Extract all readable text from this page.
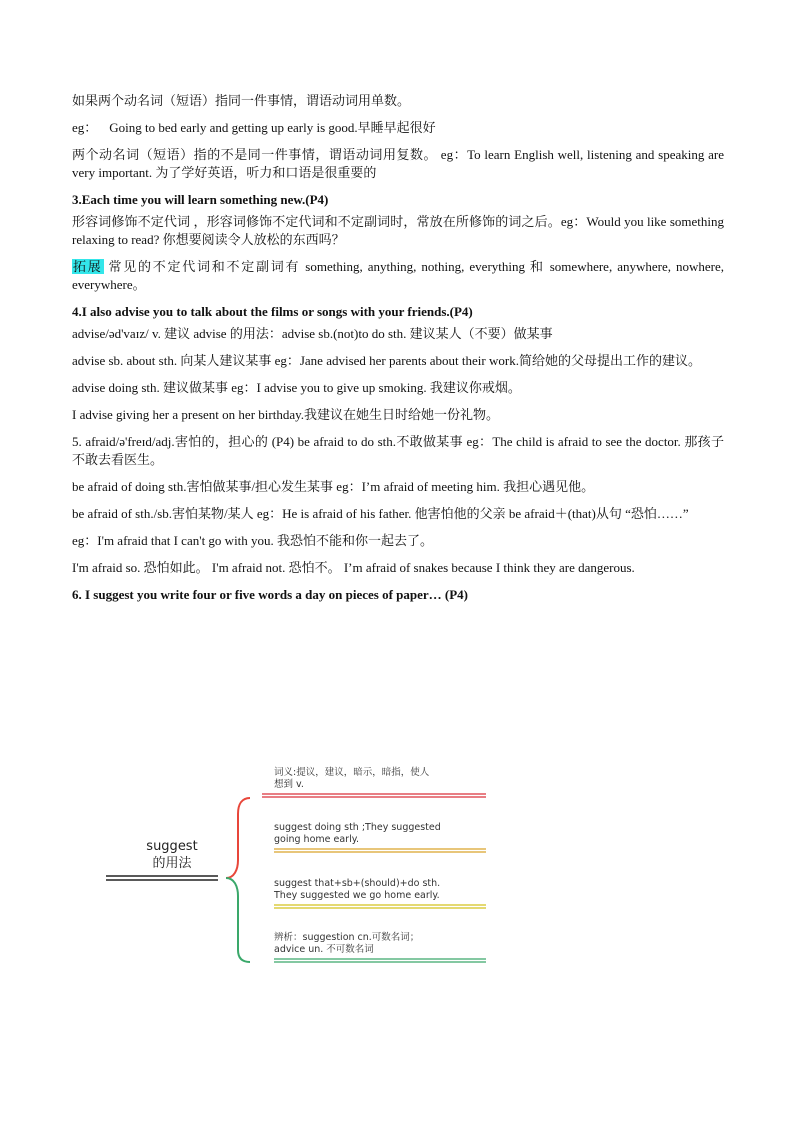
如果两个动名词（短语）指同一件事情，谓语动词用单数。

eg： Going to bed early and getting up early is good.早睡早起很好

两个动名词（短语）指的不是同一件事情，谓语动词用复数。 eg：To learn English well, listening and speaking are very important. 为了学好英语，听力和口语是很重要的

3.Each time you will learn something new.(P4)

形容词修饰不定代词 ，形容词修饰不定代词和不定副词时，常放在所修饰的词之后。eg：Would you like something relaxing to read? 你想要阅读令人放松的东西吗？

拓展 常见的不定代词和不定副词有 something, anything, nothing, everything 和 somewhere, anywhere, nowhere, everywhere。

4.I also advise you to talk about the films or songs with your friends.(P4)

advise/əd'vaɪz/ v. 建议 advise 的用法：advise sb.(not)to do sth. 建议某人（不要）做某事

advise sb. about sth. 向某人建议某事 eg：Jane advised her parents about their work.简给她的父母提出工作的建议。

advise doing sth. 建议做某事 eg：I advise you to give up smoking. 我建议你戒烟。

I advise giving her a present on her birthday.我建议在她生日时给她一份礼物。

5. afraid/ə'freɪd/adj.害怕的，担心的 (P4) be afraid to do sth.不敢做某事 eg：The child is afraid to see the doctor. 那孩子不敢去看医生。

be afraid of doing sth.害怕做某事/担心发生某事 eg：I’m afraid of meeting him. 我担心遇见他。

be afraid of sth./sb.害怕某物/某人 eg：He is afraid of his father. 他害怕他的父亲 be afraid＋(that)从句 “恐怕……”

eg：I'm afraid that I can't go with you. 我恐怕不能和你一起去了。

I'm afraid so. 恐怕如此。 I'm afraid not. 恐怕不。 I’m afraid of snakes because I think they are dangerous.

6. I suggest you write four or five words a day on pieces of paper… (P4)

suggest
的用法
词义:提议，建议，暗示，暗指，使人
想到 v.
suggest doing sth ;They suggested
going home early.
suggest that+sb+(should)+do sth.
They suggested we go home early.
辨析：suggestion cn.可数名词；
advice un. 不可数名词
